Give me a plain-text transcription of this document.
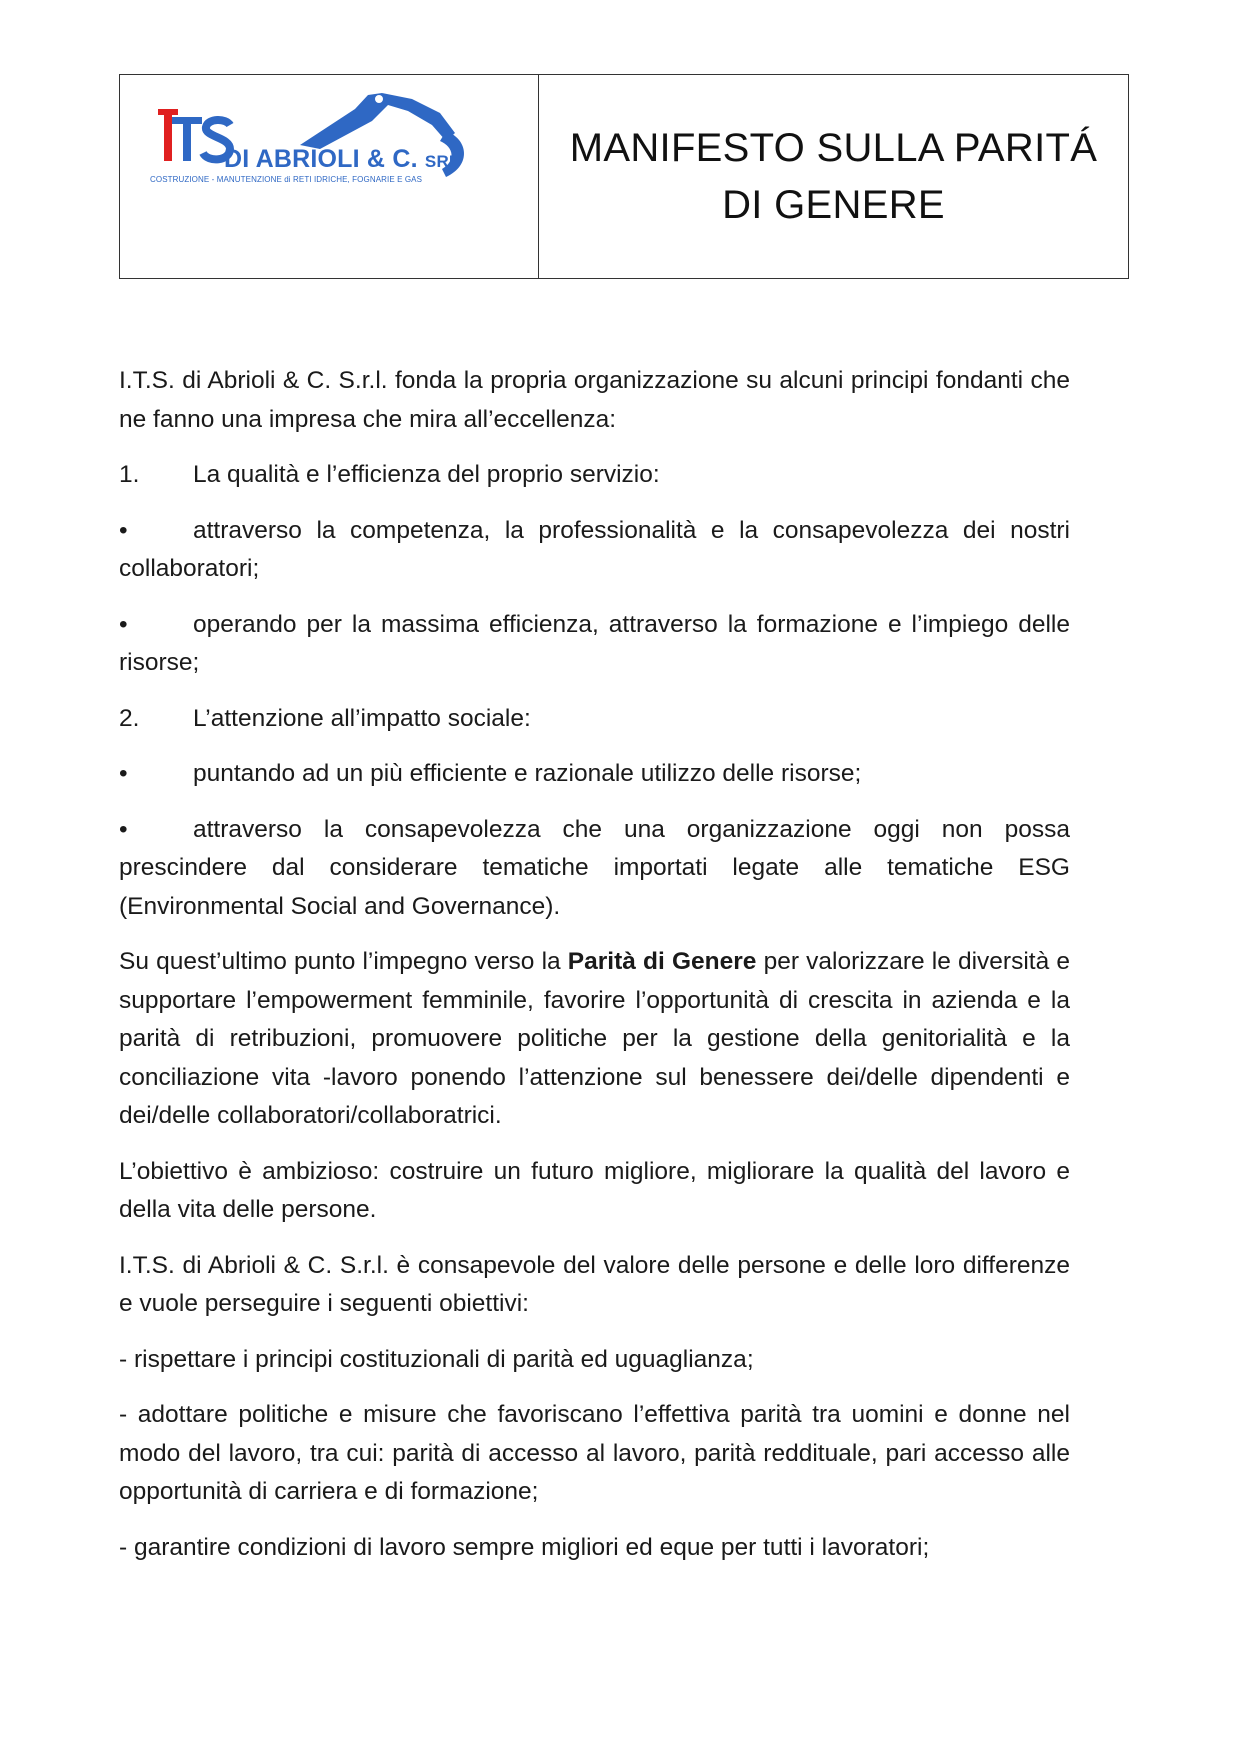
DI ABRIOLI & C. SRL
COSTRUZIONE - MANUTENZIONE di RETI IDRICHE, FOGNARIE E GAS
MANIFESTO SULLA PARITÁ DI GENERE

I.T.S. di Abrioli & C. S.r.l. fonda la propria organizzazione su alcuni principi fondanti che ne fanno una impresa che mira all’eccellenza:

1. La qualità e l’efficienza del proprio servizio:

•	attraverso la competenza, la professionalità e la consapevolezza dei nostri collaboratori;

•	operando per la massima efficienza, attraverso la formazione e l’impiego delle risorse;

2. L’attenzione all’impatto sociale:

•	puntando ad un più efficiente e razionale utilizzo delle risorse;

•	attraverso la consapevolezza che una organizzazione oggi non possa prescindere dal considerare tematiche importati legate alle tematiche ESG (Environmental Social and Governance).

Su quest’ultimo punto l’impegno verso la Parità di Genere per valorizzare le diversità e supportare l’empowerment femminile, favorire l’opportunità di crescita in azienda e la parità di retribuzioni, promuovere politiche per la gestione della genitorialità e la conciliazione vita -lavoro ponendo l’attenzione sul benessere dei/delle dipendenti e dei/delle collaboratori/collaboratrici.

L’obiettivo è ambizioso: costruire un futuro migliore, migliorare la qualità del lavoro e della vita delle persone.

I.T.S. di Abrioli & C. S.r.l. è consapevole del valore delle persone e delle loro differenze e vuole perseguire i seguenti obiettivi:

- rispettare i principi costituzionali di parità ed uguaglianza;

- adottare politiche e misure che favoriscano l’effettiva parità tra uomini e donne nel modo del lavoro, tra cui: parità di accesso al lavoro, parità reddituale, pari accesso alle opportunità di carriera e di formazione;

- garantire condizioni di lavoro sempre migliori ed eque per tutti i lavoratori;
